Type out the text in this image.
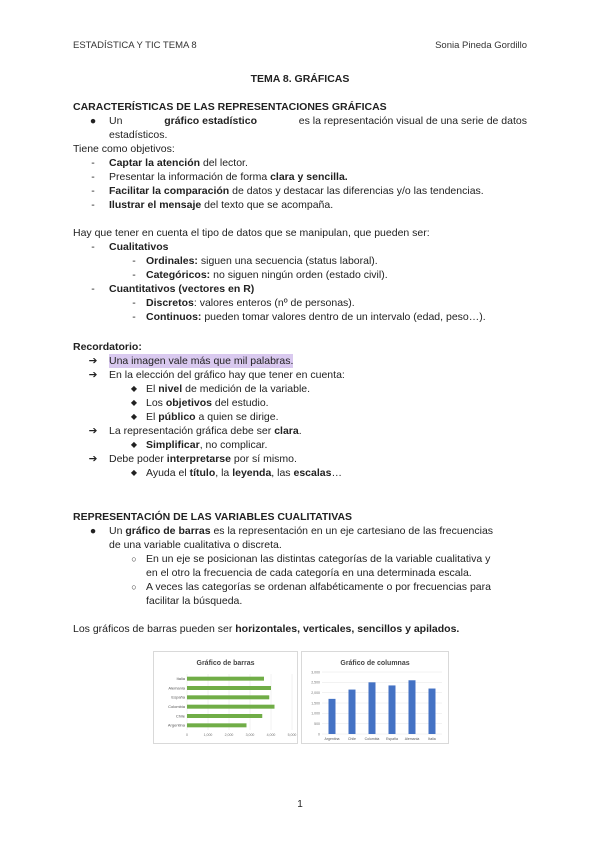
ESTADÍSTICA Y TIC TEMA 8	Sonia Pineda Gordillo
TEMA 8. GRÁFICAS
CARACTERÍSTICAS DE LAS REPRESENTACIONES GRÁFICAS
● Un	gráfico estadístico	es la representación visual de una serie de datos
estadísticos.
Tiene como objetivos:
-	Captar la atención del lector.
-	Presentar la información de forma clara y sencilla.
-	Facilitar la comparación de datos y destacar las diferencias y/o las tendencias.
-	Ilustrar el mensaje del texto que se acompaña.
Hay que tener en cuenta el tipo de datos que se manipulan, que pueden ser:
-	Cualitativos
- Ordinales: siguen una secuencia (status laboral).
- Categóricos: no siguen ningún orden (estado civil).
-	Cuantitativos (vectores en R)
- Discretos: valores enteros (nº de personas).
- Continuos: pueden tomar valores dentro de un intervalo (edad, peso…).
Recordatorio:
➔ Una imagen vale más que mil palabras.
➔ En la elección del gráfico hay que tener en cuenta:
◆ El nivel de medición de la variable.
◆ Los objetivos del estudio.
◆ El público a quien se dirige.
➔ La representación gráfica debe ser clara.
◆ Simplificar, no complicar.
➔ Debe poder interpretarse por sí mismo.
◆ Ayuda el título, la leyenda, las escalas…
REPRESENTACIÓN DE LAS VARIABLES CUALITATIVAS
● Un gráfico de barras es la representación en un eje cartesiano de las frecuencias
de una variable cualitativa o discreta.
○ En un eje se posicionan las distintas categorías de la variable cualitativa y
en el otro la frecuencia de cada categoría en una determinada escala.
○ A veces las categorías se ordenan alfabéticamente o por frecuencias para
facilitar la búsqueda.
Los gráficos de barras pueden ser horizontales, verticales, sencillos y apilados.
Gráfico de barras
0	1,000	2,000	3,000	4,000	5,000
Italia
Alemania
España
Colombia
Chile
Argentina
Gráfico de columnas
0
500
1,000
1,500
2,000
2,500
3,000
Argentina Chile Colombia España Alemania	Italia
1
